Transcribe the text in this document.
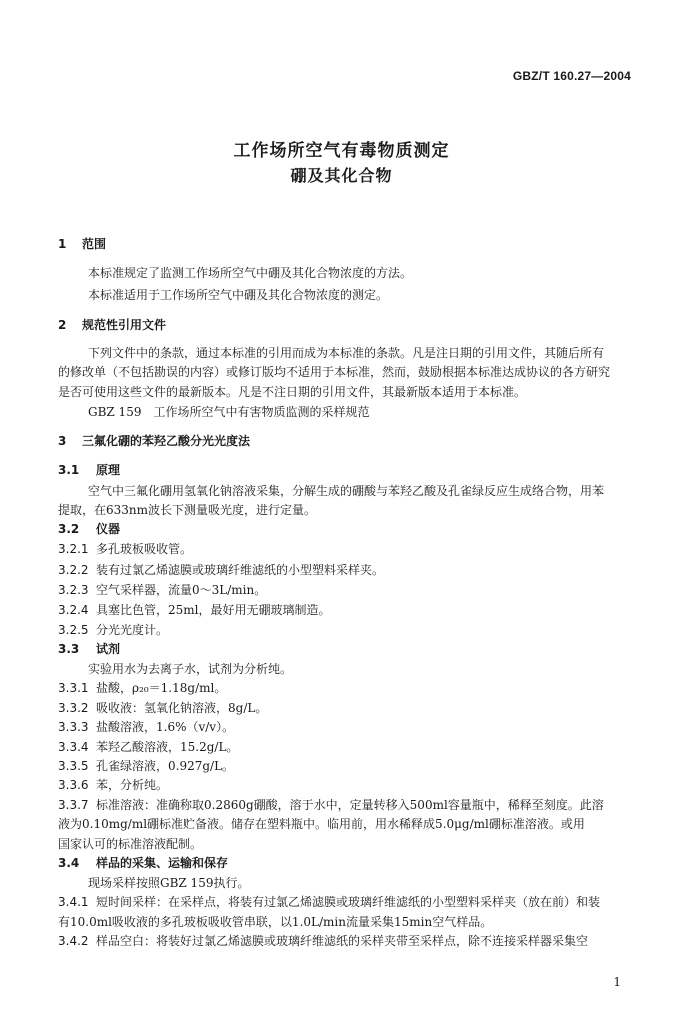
GBZ/T 160.27—2004
工作场所空气有毒物质测定
硼及其化合物
1 范围
本标准规定了监测工作场所空气中硼及其化合物浓度的方法。
本标准适用于工作场所空气中硼及其化合物浓度的测定。
2 规范性引用文件
下列文件中的条款，通过本标准的引用而成为本标准的条款。凡是注日期的引用文件，其随后所有
的修改单（不包括勘误的内容）或修订版均不适用于本标准，然而，鼓励根据本标准达成协议的各方研究
是否可使用这些文件的最新版本。凡是不注日期的引用文件，其最新版本适用于本标准。
GBZ 159　工作场所空气中有害物质监测的采样规范
3 三氟化硼的苯羟乙酸分光光度法
3.1 原理
空气中三氟化硼用氢氧化钠溶液采集，分解生成的硼酸与苯羟乙酸及孔雀绿反应生成络合物，用苯
提取，在633nm波长下测量吸光度，进行定量。
3.2 仪器
3.2.1 多孔玻板吸收管。
3.2.2 装有过氯乙烯滤膜或玻璃纤维滤纸的小型塑料采样夹。
3.2.3 空气采样器，流量0～3L/min。
3.2.4 具塞比色管，25ml，最好用无硼玻璃制造。
3.2.5 分光光度计。
3.3 试剂
实验用水为去离子水，试剂为分析纯。
3.3.1 盐酸，ρ₂₀＝1.18g/ml。
3.3.2 吸收液：氢氧化钠溶液，8g/L。
3.3.3 盐酸溶液，1.6%（v/v）。
3.3.4 苯羟乙酸溶液，15.2g/L。
3.3.5 孔雀绿溶液，0.927g/L。
3.3.6 苯，分析纯。
3.3.7 标准溶液：准确称取0.2860g硼酸，溶于水中，定量转移入500ml容量瓶中，稀释至刻度。此溶
液为0.10mg/ml硼标准贮备液。储存在塑料瓶中。临用前，用水稀释成5.0μg/ml硼标准溶液。或用
国家认可的标准溶液配制。
3.4 样品的采集、运输和保存
现场采样按照GBZ 159执行。
3.4.1 短时间采样：在采样点，将装有过氯乙烯滤膜或玻璃纤维滤纸的小型塑料采样夹（放在前）和装
有10.0ml吸收液的多孔玻板吸收管串联，以1.0L/min流量采集15min空气样品。
3.4.2 样品空白：将装好过氯乙烯滤膜或玻璃纤维滤纸的采样夹带至采样点，除不连接采样器采集空
1
